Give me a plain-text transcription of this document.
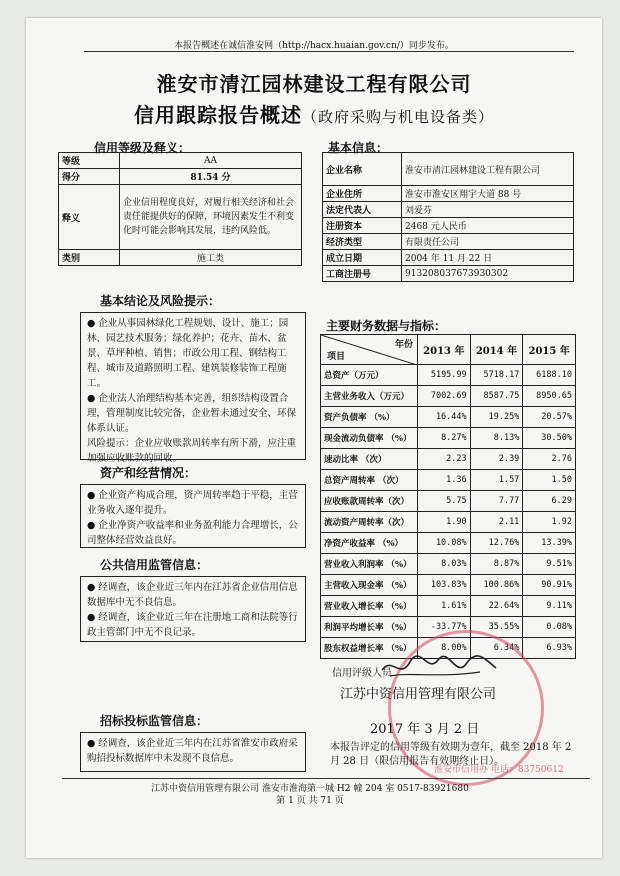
本报告概述在诚信淮安网（http://hacx.huaian.gov.cn/）同步发布。
淮安市清江园林建设工程有限公司
信用跟踪报告概述（政府采购与机电设备类）
信用等级及释义：
等级	AA
得分	81.54 分
释义	企业信用程度良好，对履行相关经济和社会责任能提供好的保障，环境因素发生不利变化时可能会影响其发展，违约风险低。
类别	施工类
基本结论及风险提示：

● 企业从事园林绿化工程规划、设计、施工；园林、园艺技术服务；绿化养护；花卉、苗木、盆景、草坪种植、销售；市政公用工程、钢结构工程、城市及道路照明工程、建筑装修装饰工程施工。

● 企业法人治理结构基本完善，组织结构设置合理，管理制度比较完备，企业暂未通过安全、环保体系认证。

风险提示：企业应收账款周转率有所下滑，应注重加强应收账款的回收。

资产和经营情况：

● 企业资产构成合理，资产周转率趋于平稳，主营业务收入逐年提升。

● 企业净资产收益率和业务盈利能力合理增长，公司整体经营效益良好。

公共信用监管信息：

● 经调查，该企业近三年内在江苏省企业信用信息数据库中无不良信息。

● 经调查，该企业近三年在注册地工商和法院等行政主管部门中无不良记录。

招标投标监管信息：

● 经调查，该企业近三年内在江苏省淮安市政府采购招投标数据库中未发现不良信息。

基本信息：
企业名称	淮安市清江园林建设工程有限公司
企业住所	淮安市淮安区翔宇大道 88 号
法定代表人	刘爱芬
注册资本	2468 元人民币
经济类型	有限责任公司
成立日期	2004 年 11 月 22 日
工商注册号	913208037673930302
主要财务数据与指标：
年份
项目	2013 年	2014 年	2015 年
总资产（万元）	5195.99	5718.17	6188.10
主营业务收入（万元）	7002.69	8587.75	8950.65
资产负债率 （%）	16.44%	19.25%	20.57%
现金流动负债率 （%）	8.27%	8.13%	30.50%
速动比率 （次）	2.23	2.39	2.76
总资产周转率 （次）	1.36	1.57	1.50
应收账款周转率（次）	5.75	7.77	6.29
流动资产周转率（次）	1.90	2.11	1.92
净资产收益率 （%）	10.08%	12.76%	13.39%
营业收入利润率 （%）	8.03%	8.87%	9.51%
主营收入现金率 （%）	103.83%	100.86%	90.91%
营业收入增长率 （%）	1.61%	22.64%	9.11%
利润平均增长率 （%）	-33.77%	35.55%	0.08%
股东权益增长率 （%）	8.00%	6.34%	6.93%
信用评级人员
江苏中资信用管理有限公司
2017 年 3 月 2 日
本报告评定的信用等级有效期为壹年，截至 2018 年 2 月 28 日（限信用报告有效期终止日）。
淮安市信用办 电话：83750612
江苏中资信用管理有限公司 淮安市淮海第一城 H2 幢 204 室 0517-83921680
第 1 页 共 71 页
